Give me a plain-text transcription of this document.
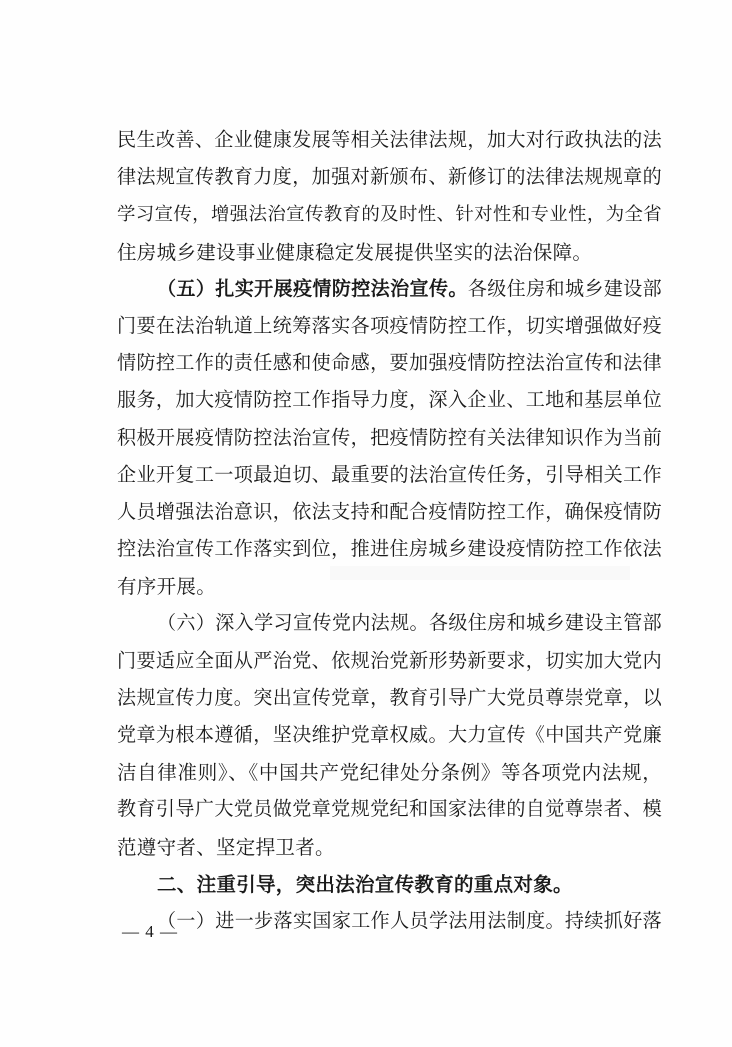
民生改善、企业健康发展等相关法律法规，加大对行政执法的法
律法规宣传教育力度，加强对新颁布、新修订的法律法规规章的
学习宣传，增强法治宣传教育的及时性、针对性和专业性，为全省
住房城乡建设事业健康稳定发展提供坚实的法治保障。
（五）扎实开展疫情防控法治宣传。各级住房和城乡建设部
门要在法治轨道上统筹落实各项疫情防控工作，切实增强做好疫
情防控工作的责任感和使命感，要加强疫情防控法治宣传和法律
服务，加大疫情防控工作指导力度，深入企业、工地和基层单位
积极开展疫情防控法治宣传，把疫情防控有关法律知识作为当前
企业开复工一项最迫切、最重要的法治宣传任务，引导相关工作
人员增强法治意识，依法支持和配合疫情防控工作，确保疫情防
控法治宣传工作落实到位，推进住房城乡建设疫情防控工作依法
有序开展。
（六）深入学习宣传党内法规。各级住房和城乡建设主管部
门要适应全面从严治党、依规治党新形势新要求，切实加大党内
法规宣传力度。突出宣传党章，教育引导广大党员尊崇党章，以
党章为根本遵循，坚决维护党章权威。大力宣传《中国共产党廉
洁自律准则》、《中国共产党纪律处分条例》等各项党内法规，
教育引导广大党员做党章党规党纪和国家法律的自觉尊崇者、模
范遵守者、坚定捍卫者。
二、注重引导，突出法治宣传教育的重点对象。
（一）进一步落实国家工作人员学法用法制度。持续抓好落
— 4 —
